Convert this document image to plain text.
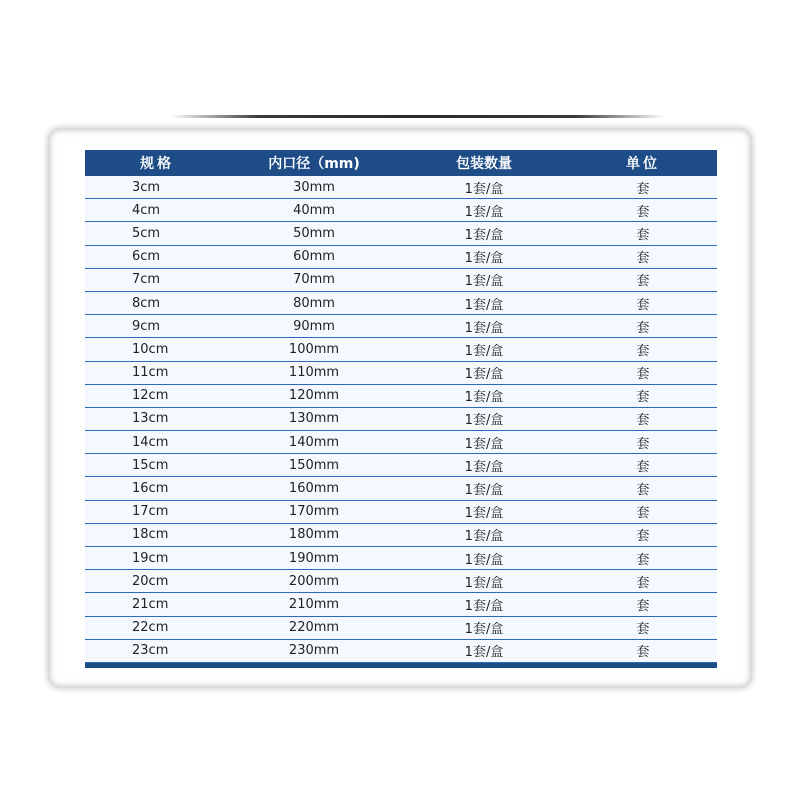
规格	内口径（mm)	包装数量	单位
3cm	30mm	1套/盒	套
4cm	40mm	1套/盒	套
5cm	50mm	1套/盒	套
6cm	60mm	1套/盒	套
7cm	70mm	1套/盒	套
8cm	80mm	1套/盒	套
9cm	90mm	1套/盒	套
10cm	100mm	1套/盒	套
11cm	110mm	1套/盒	套
12cm	120mm	1套/盒	套
13cm	130mm	1套/盒	套
14cm	140mm	1套/盒	套
15cm	150mm	1套/盒	套
16cm	160mm	1套/盒	套
17cm	170mm	1套/盒	套
18cm	180mm	1套/盒	套
19cm	190mm	1套/盒	套
20cm	200mm	1套/盒	套
21cm	210mm	1套/盒	套
22cm	220mm	1套/盒	套
23cm	230mm	1套/盒	套
